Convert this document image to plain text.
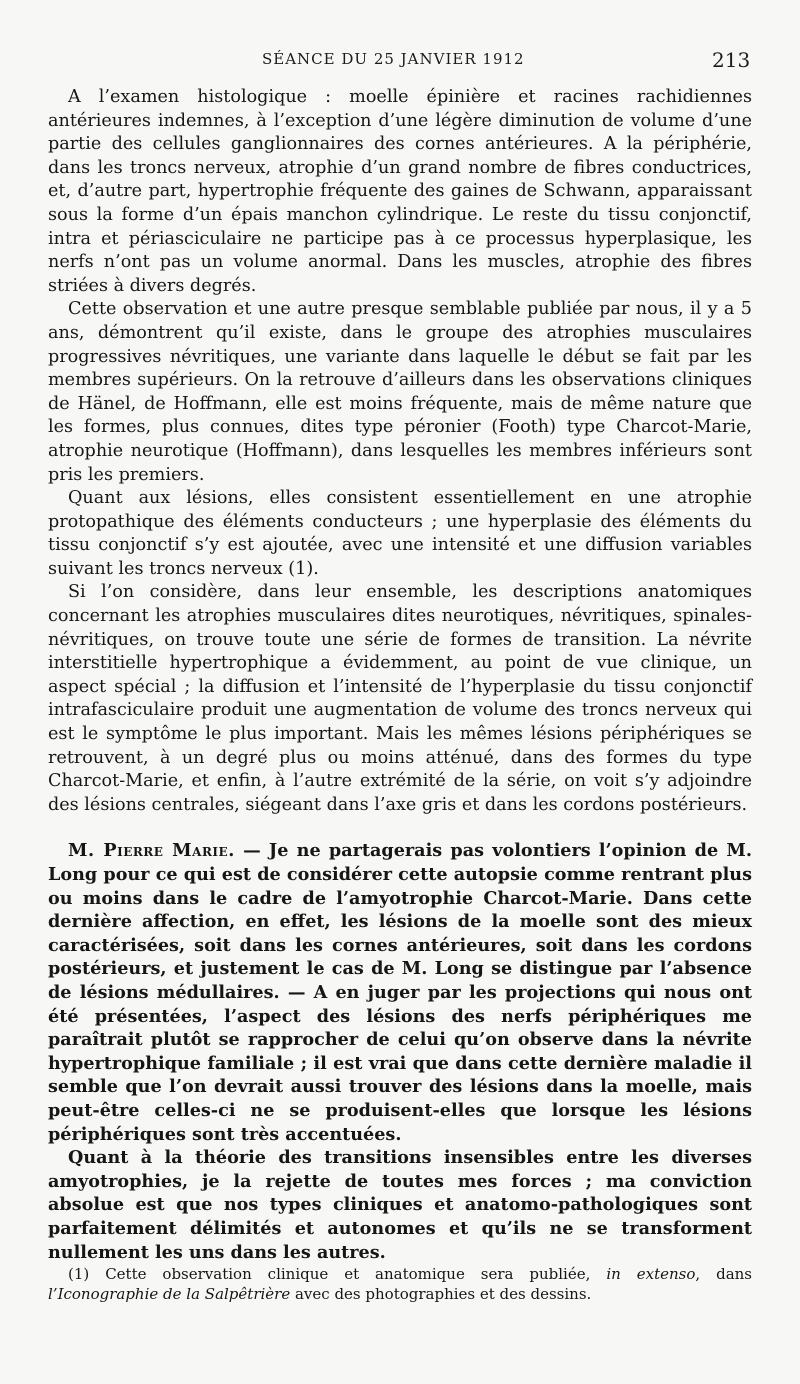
SÉANCE DU 25 JANVIER 1912	213

A l’examen histologique : moelle épinière et racines rachidiennes antérieures indemnes, à l’exception d’une légère diminution de volume d’une partie des cellules ganglionnaires des cornes antérieures. A la périphérie, dans les troncs nerveux, atrophie d’un grand nombre de fibres conductrices, et, d’autre part, hypertrophie fréquente des gaines de Schwann, apparaissant sous la forme d’un épais manchon cylindrique. Le reste du tissu conjonctif, intra et périasciculaire ne participe pas à ce processus hyperplasique, les nerfs n’ont pas un volume anormal. Dans les muscles, atrophie des fibres striées à divers degrés.

Cette observation et une autre presque semblable publiée par nous, il y a 5 ans, démontrent qu’il existe, dans le groupe des atrophies musculaires progressives névritiques, une variante dans laquelle le début se fait par les membres supérieurs. On la retrouve d’ailleurs dans les observations cliniques de Hänel, de Hoffmann, elle est moins fréquente, mais de même nature que les formes, plus connues, dites type péronier (Footh) type Charcot-Marie, atrophie neurotique (Hoffmann), dans lesquelles les membres inférieurs sont pris les premiers.

Quant aux lésions, elles consistent essentiellement en une atrophie protopathique des éléments conducteurs ; une hyperplasie des éléments du tissu conjonctif s’y est ajoutée, avec une intensité et une diffusion variables suivant les troncs nerveux (1).

Si l’on considère, dans leur ensemble, les descriptions anatomiques concernant les atrophies musculaires dites neurotiques, névritiques, spinales-névritiques, on trouve toute une série de formes de transition. La névrite interstitielle hypertrophique a évidemment, au point de vue clinique, un aspect spécial ; la diffusion et l’intensité de l’hyperplasie du tissu conjonctif intrafasciculaire produit une augmentation de volume des troncs nerveux qui est le symptôme le plus important. Mais les mêmes lésions périphériques se retrouvent, à un degré plus ou moins atténué, dans des formes du type Charcot-Marie, et enfin, à l’autre extrémité de la série, on voit s’y adjoindre des lésions centrales, siégeant dans l’axe gris et dans les cordons postérieurs.

M. Pierre Marie. — Je ne partagerais pas volontiers l’opinion de M. Long pour ce qui est de considérer cette autopsie comme rentrant plus ou moins dans le cadre de l’amyotrophie Charcot-Marie. Dans cette dernière affection, en effet, les lésions de la moelle sont des mieux caractérisées, soit dans les cornes antérieures, soit dans les cordons postérieurs, et justement le cas de M. Long se distingue par l’absence de lésions médullaires. — A en juger par les projections qui nous ont été présentées, l’aspect des lésions des nerfs périphériques me paraîtrait plutôt se rapprocher de celui qu’on observe dans la névrite hypertrophique familiale ; il est vrai que dans cette dernière maladie il semble que l’on devrait aussi trouver des lésions dans la moelle, mais peut-être celles-ci ne se produisent-elles que lorsque les lésions périphériques sont très accentuées.

Quant à la théorie des transitions insensibles entre les diverses amyotrophies, je la rejette de toutes mes forces ; ma conviction absolue est que nos types cliniques et anatomo-pathologiques sont parfaitement délimités et autonomes et qu’ils ne se transforment nullement les uns dans les autres.

(1) Cette observation clinique et anatomique sera publiée, in extenso, dans l’Iconographie de la Salpêtrière avec des photographies et des dessins.
